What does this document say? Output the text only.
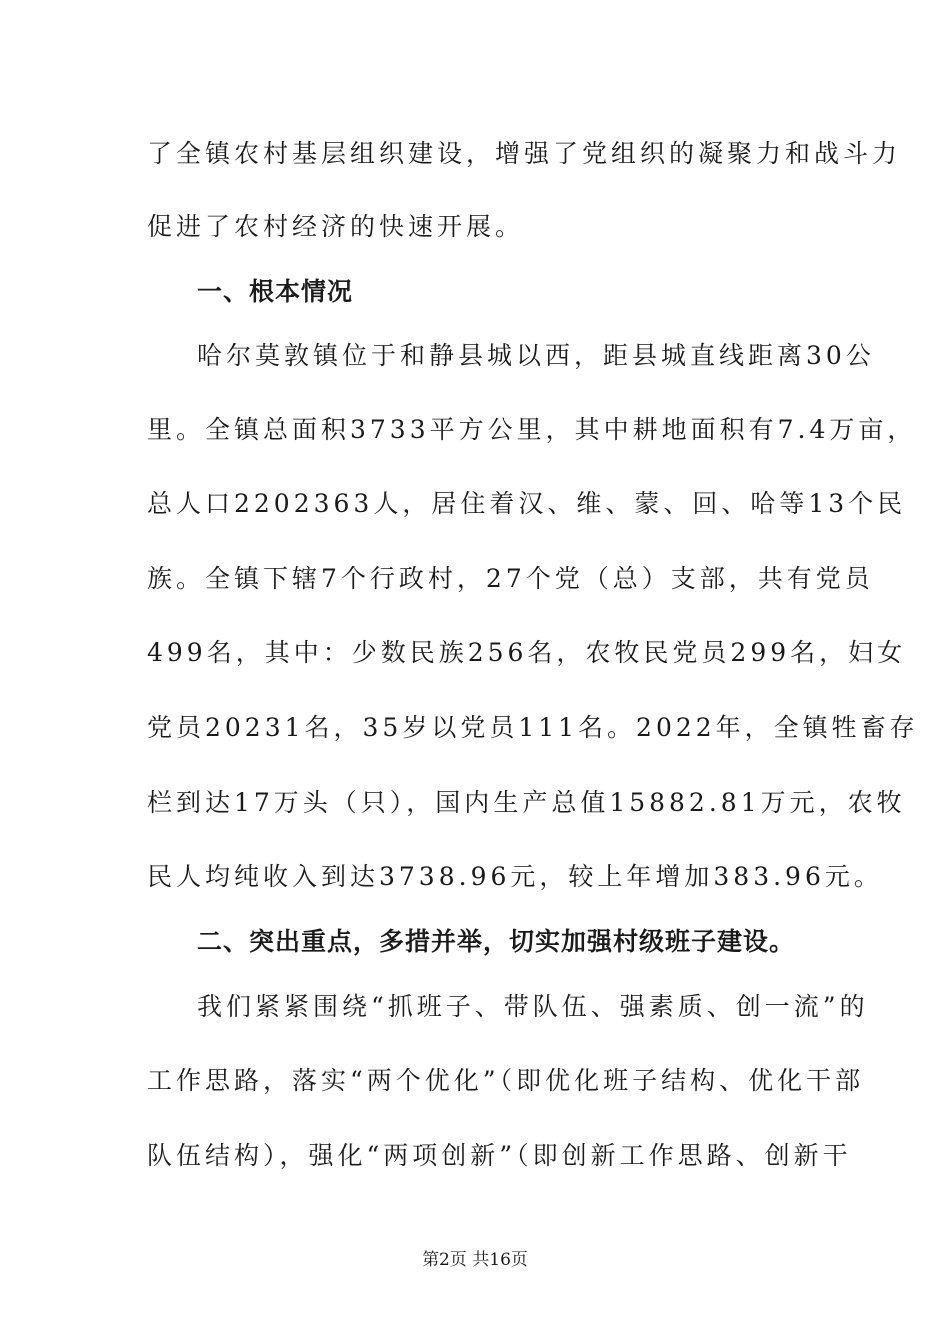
了全镇农村基层组织建设，增强了党组织的凝聚力和战斗力
促进了农村经济的快速开展。
一、根本情况
哈尔莫敦镇位于和静县城以西，距县城直线距离30公
里。全镇总面积3733平方公里，其中耕地面积有7.4万亩，
总人口2202363人，居住着汉、维、蒙、回、哈等13个民
族。全镇下辖7个行政村，27个党（总）支部，共有党员
499名，其中：少数民族256名，农牧民党员299名，妇女
党员20231名，35岁以党员111名。2022年，全镇牲畜存
栏到达17万头（只），国内生产总值15882.81万元，农牧
民人均纯收入到达3738.96元，较上年增加383.96元。
二、突出重点，多措并举，切实加强村级班子建设。
我们紧紧围绕“抓班子、带队伍、强素质、创一流”的
工作思路，落实“两个优化”（即优化班子结构、优化干部
队伍结构），强化“两项创新”（即创新工作思路、创新干
第2页 共16页
